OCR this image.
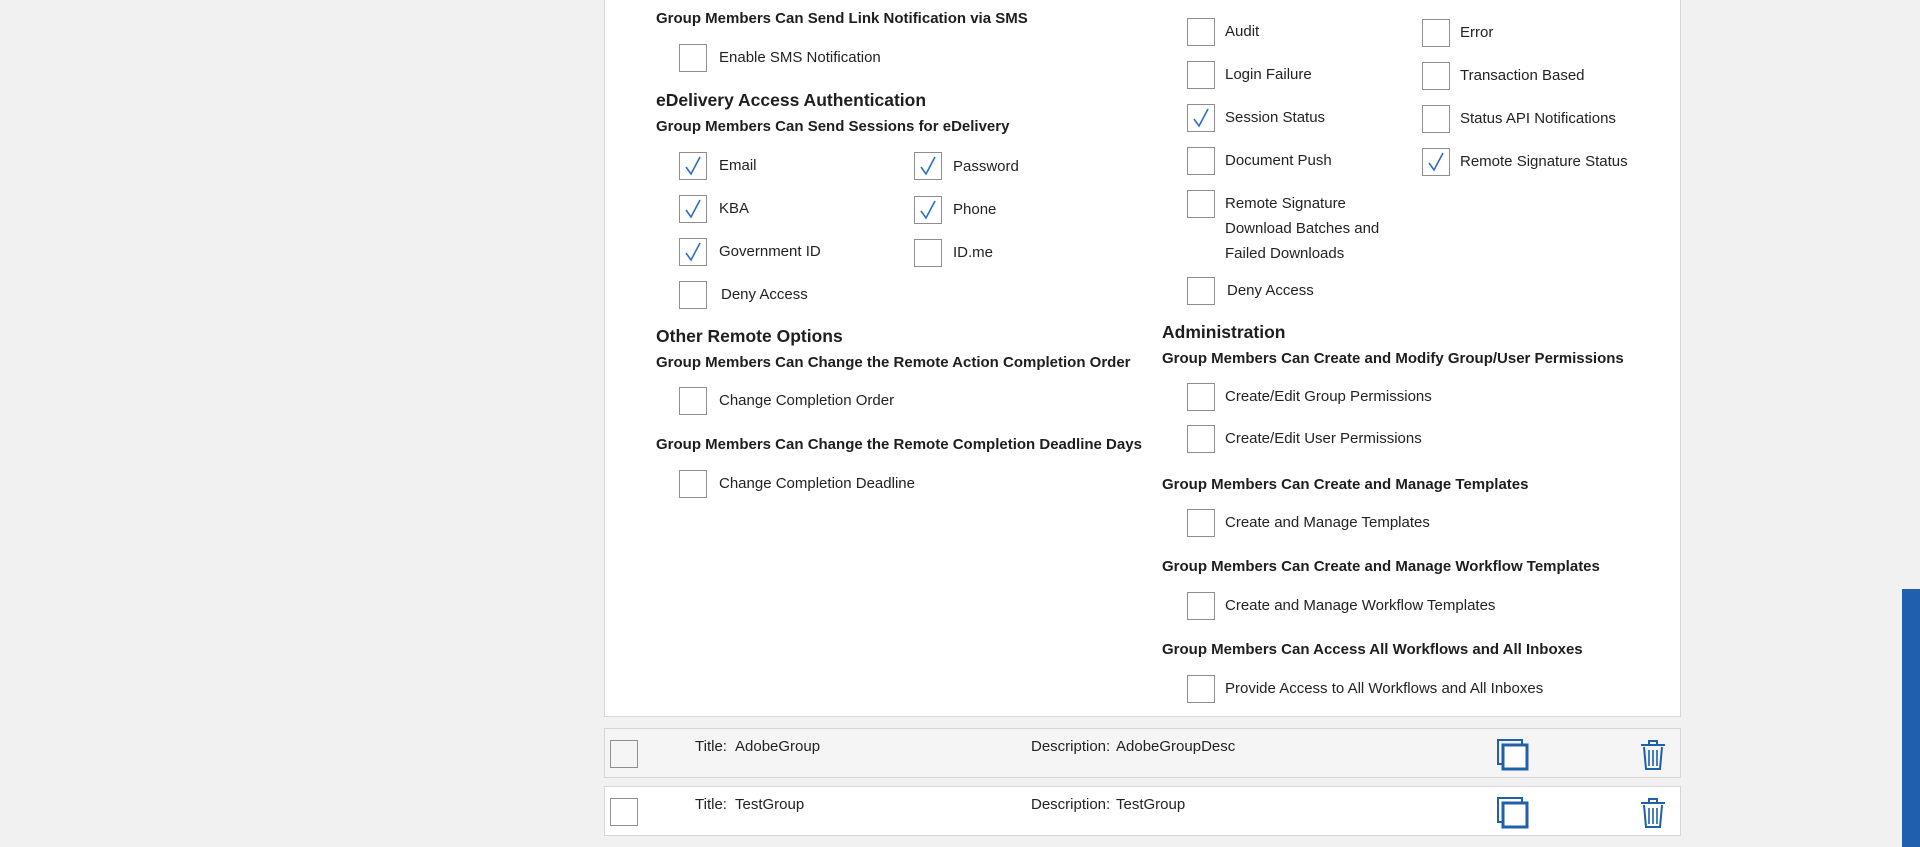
Group Members Can Send Link Notification via SMS
Enable SMS Notification
eDelivery Access Authentication
Group Members Can Send Sessions for eDelivery
Email	Password
KBA	Phone
Government ID	ID.me
Deny Access
Other Remote Options
Group Members Can Change the Remote Action Completion Order
Change Completion Order
Group Members Can Change the Remote Completion Deadline Days
Change Completion Deadline
Audit	Error
Login Failure	Transaction Based
Session Status	Status API Notifications
Document Push	Remote Signature Status
Remote Signature
Download Batches and
Failed Downloads
Deny Access
Administration
Group Members Can Create and Modify Group/User Permissions
Create/Edit Group Permissions
Create/Edit User Permissions
Group Members Can Create and Manage Templates
Create and Manage Templates
Group Members Can Create and Manage Workflow Templates
Create and Manage Workflow Templates
Group Members Can Access All Workflows and All Inboxes
Provide Access to All Workflows and All Inboxes
Title: AdobeGroup	Description: AdobeGroupDesc
Title: TestGroup	Description: TestGroup
